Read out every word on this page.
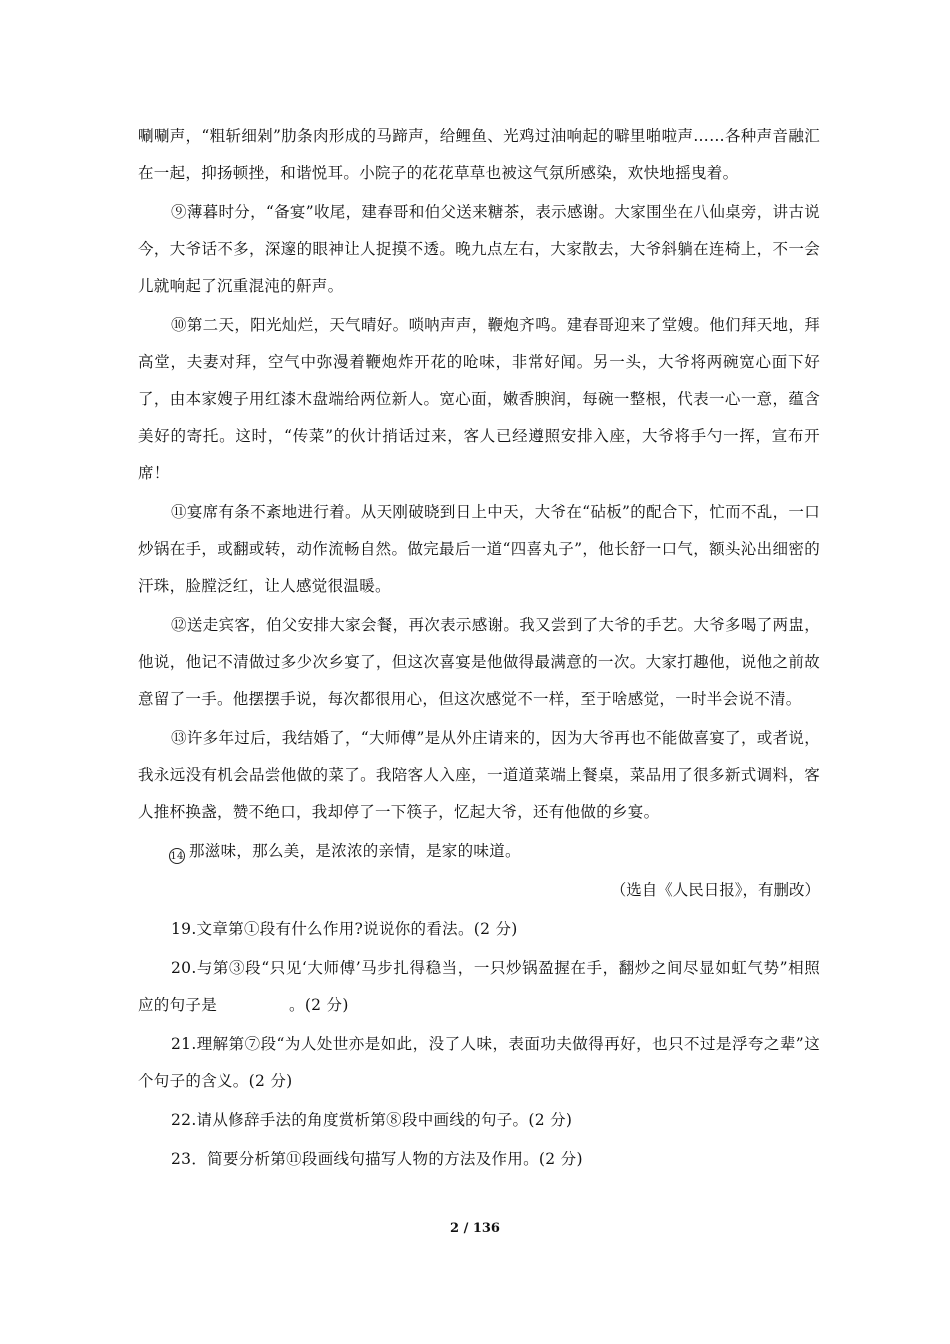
唰唰声，“粗斩细剁”肋条肉形成的马蹄声，给鲤鱼、光鸡过油响起的噼里啪啦声……各种声音融汇在一起，抑扬顿挫，和谐悦耳。小院子的花花草草也被这气氛所感染，欢快地摇曳着。

⑨薄暮时分，“备宴”收尾，建春哥和伯父送来糖茶，表示感谢。大家围坐在八仙桌旁，讲古说今，大爷话不多，深邃的眼神让人捉摸不透。晚九点左右，大家散去，大爷斜躺在连椅上，不一会儿就响起了沉重混沌的鼾声。

⑩第二天，阳光灿烂，天气晴好。唢呐声声，鞭炮齐鸣。建春哥迎来了堂嫂。他们拜天地，拜高堂，夫妻对拜，空气中弥漫着鞭炮炸开花的呛味，非常好闻。另一头，大爷将两碗宽心面下好了，由本家嫂子用红漆木盘端给两位新人。宽心面，嫩香腴润，每碗一整根，代表一心一意，蕴含美好的寄托。这时，“传菜”的伙计捎话过来，客人已经遵照安排入座，大爷将手勺一挥，宣布开席！

⑪宴席有条不紊地进行着。从天刚破晓到日上中天，大爷在“砧板”的配合下，忙而不乱，一口炒锅在手，或翻或转，动作流畅自然。做完最后一道“四喜丸子”，他长舒一口气，额头沁出细密的汗珠，脸膛泛红，让人感觉很温暖。

⑫送走宾客，伯父安排大家会餐，再次表示感谢。我又尝到了大爷的手艺。大爷多喝了两盅，他说，他记不清做过多少次乡宴了，但这次喜宴是他做得最满意的一次。大家打趣他，说他之前故意留了一手。他摆摆手说，每次都很用心，但这次感觉不一样，至于啥感觉，一时半会说不清。

⑬许多年过后，我结婚了，“大师傅”是从外庄请来的，因为大爷再也不能做喜宴了，或者说，我永远没有机会品尝他做的菜了。我陪客人入座，一道道菜端上餐桌，菜品用了很多新式调料，客人推杯换盏，赞不绝口，我却停了一下筷子，忆起大爷，还有他做的乡宴。

14 那滋味，那么美，是浓浓的亲情，是家的味道。

（选自《人民日报》，有删改）

19.文章第①段有什么作用?说说你的看法。(2 分)

20.与第③段“只见‘大师傅’马步扎得稳当，一只炒锅盈握在手，翻炒之间尽显如虹气势”相照应的句子是	。(2 分)

21.理解第⑦段“为人处世亦是如此，没了人味，表面功夫做得再好，也只不过是浮夸之辈”这个句子的含义。(2 分)

22.请从修辞手法的角度赏析第⑧段中画线的句子。(2 分)

23．简要分析第⑪段画线句描写人物的方法及作用。(2 分)

2 / 136
